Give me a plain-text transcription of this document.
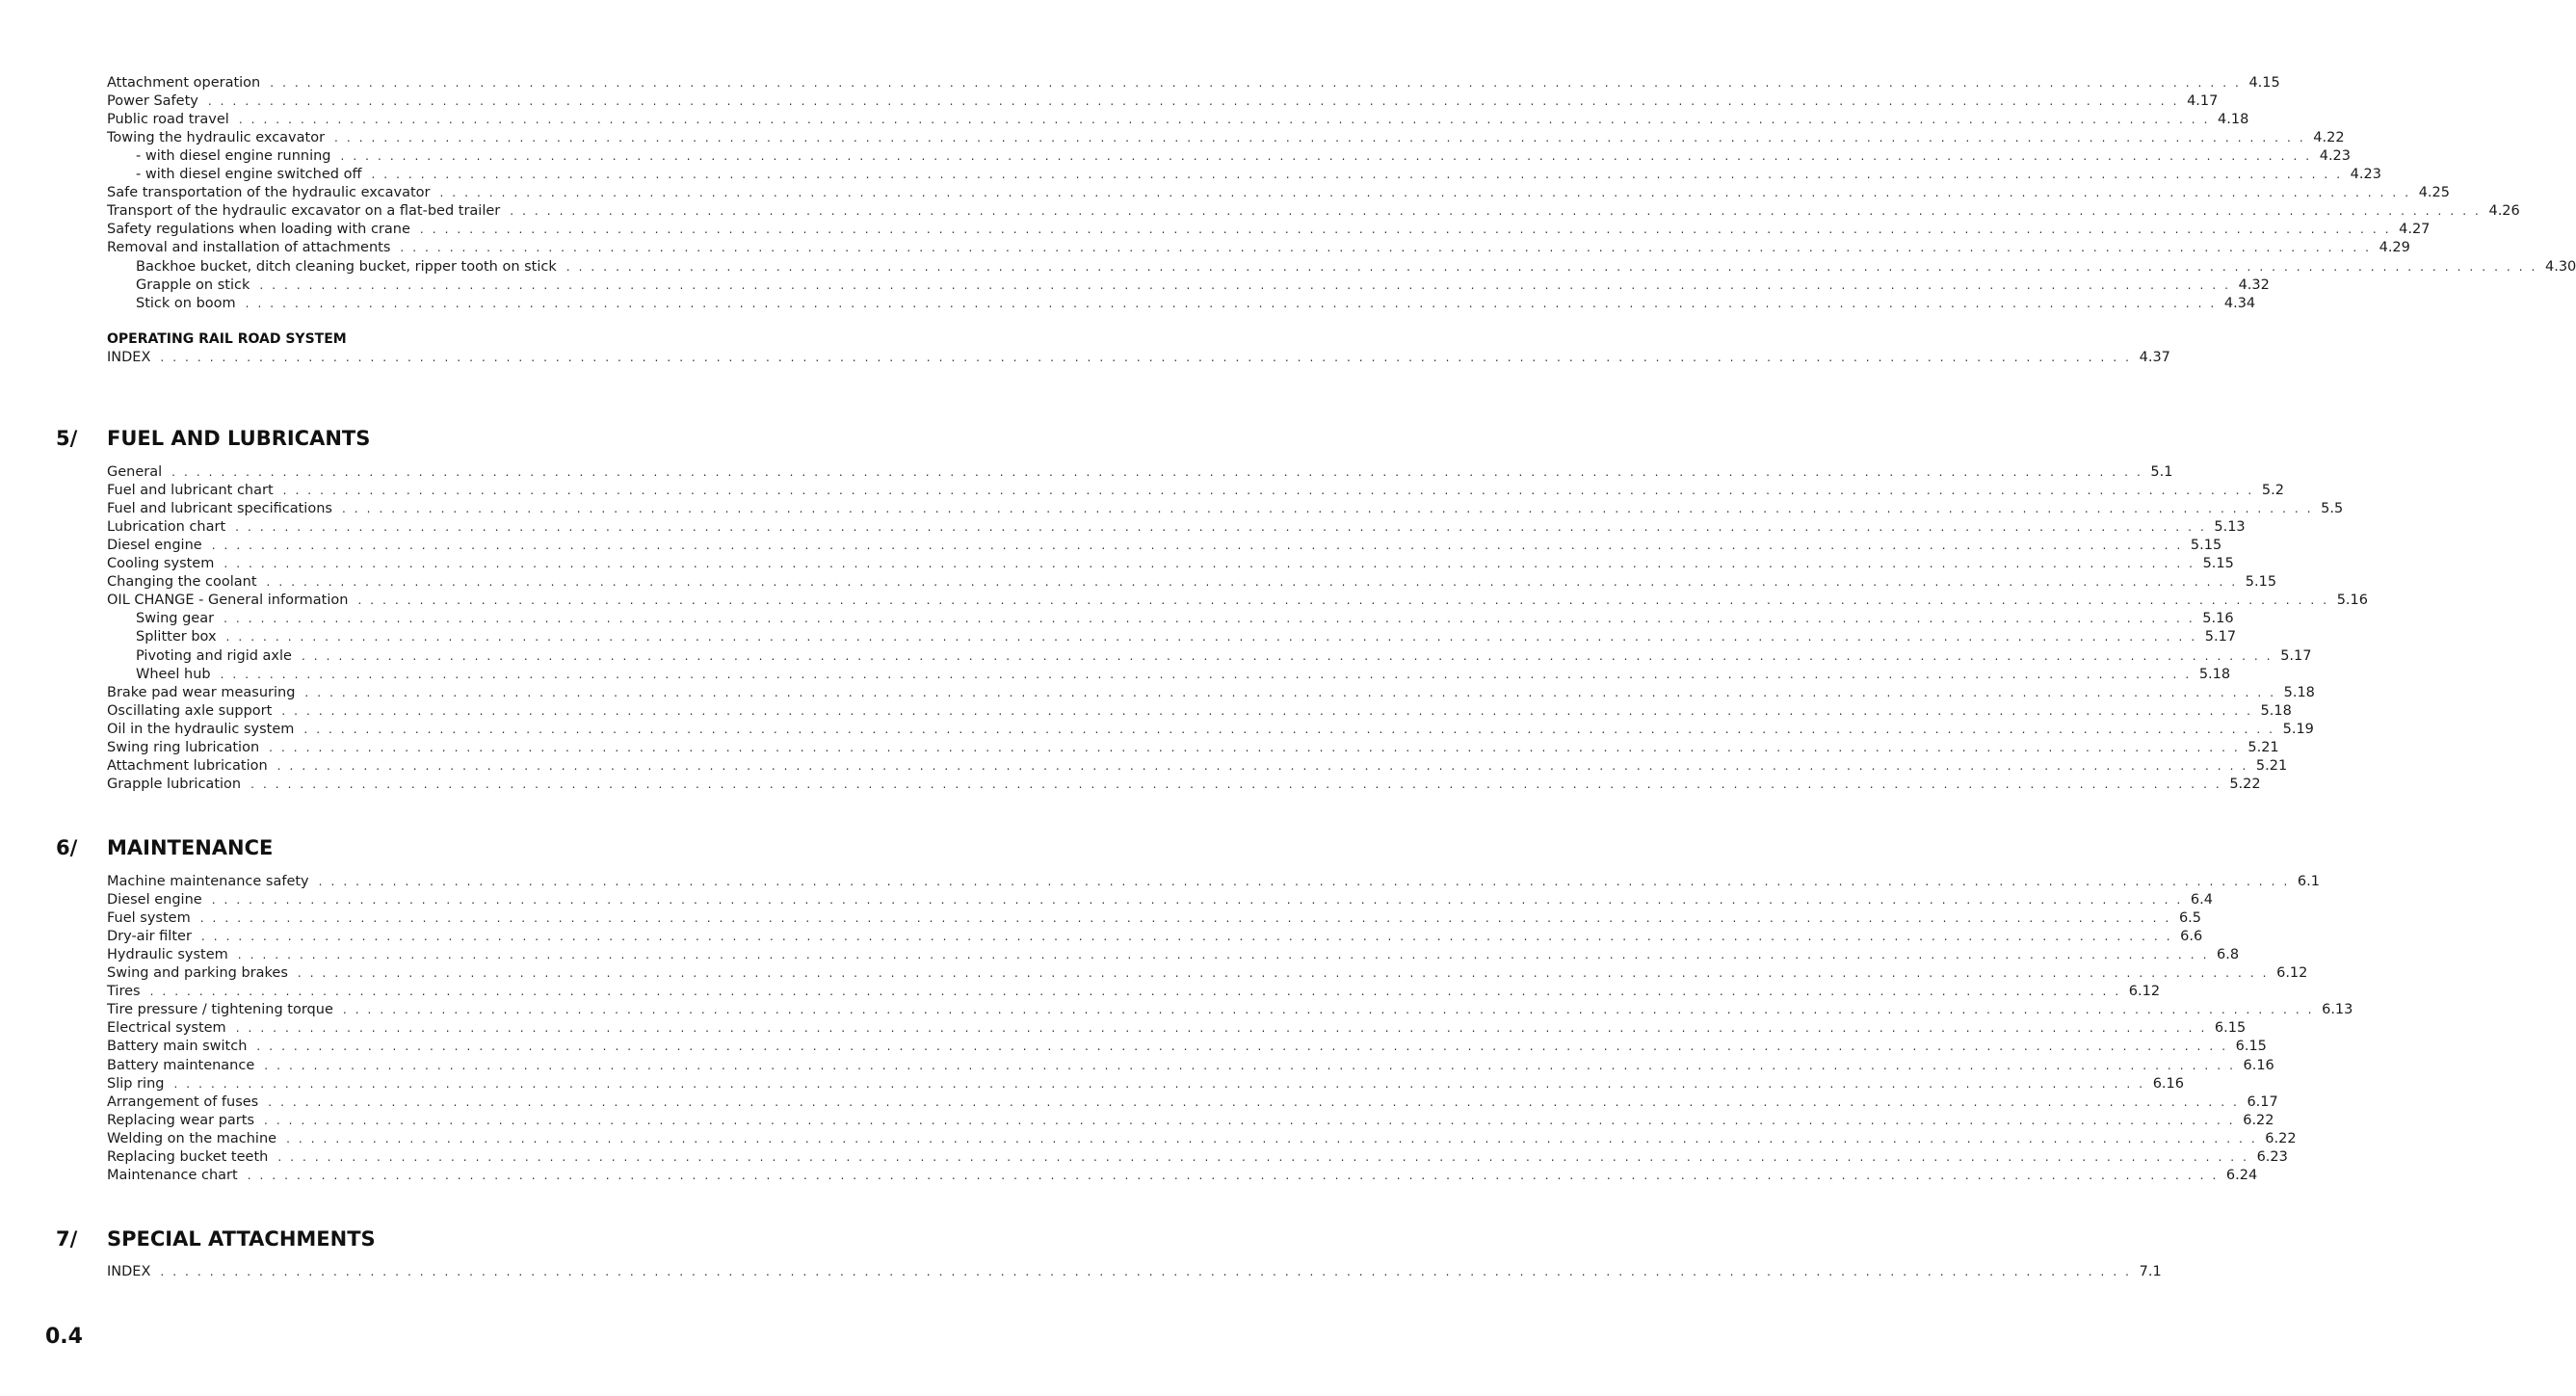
Attachment operation . . . . . . . . . . . . . . . . . . . . . . . . . . . . . . . . . . . . . . . . . . . . . . . . . . . . . . . . . . . . . . . . . . . . . . . . . . . . . . . . . . . . . . . . . . . . . . . . . . . . . . . . . . . . . . . . . . . . . . . . . . . . . . . . . . . . . . . . . . . . . . . . . . . . . . . . . . . . . . . . 4.15
Power Safety . . . . . . . . . . . . . . . . . . . . . . . . . . . . . . . . . . . . . . . . . . . . . . . . . . . . . . . . . . . . . . . . . . . . . . . . . . . . . . . . . . . . . . . . . . . . . . . . . . . . . . . . . . . . . . . . . . . . . . . . . . . . . . . . . . . . . . . . . . . . . . . . . . . . . . . . . . . . . . . . 4.17
Public road travel . . . . . . . . . . . . . . . . . . . . . . . . . . . . . . . . . . . . . . . . . . . . . . . . . . . . . . . . . . . . . . . . . . . . . . . . . . . . . . . . . . . . . . . . . . . . . . . . . . . . . . . . . . . . . . . . . . . . . . . . . . . . . . . . . . . . . . . . . . . . . . . . . . . . . . . . . . . . . . . . 4.18
Towing the hydraulic excavator . . . . . . . . . . . . . . . . . . . . . . . . . . . . . . . . . . . . . . . . . . . . . . . . . . . . . . . . . . . . . . . . . . . . . . . . . . . . . . . . . . . . . . . . . . . . . . . . . . . . . . . . . . . . . . . . . . . . . . . . . . . . . . . . . . . . . . . . . . . . . . . . . . . . . . . . . . . . . . . . 4.22
- with diesel engine running . . . . . . . . . . . . . . . . . . . . . . . . . . . . . . . . . . . . . . . . . . . . . . . . . . . . . . . . . . . . . . . . . . . . . . . . . . . . . . . . . . . . . . . . . . . . . . . . . . . . . . . . . . . . . . . . . . . . . . . . . . . . . . . . . . . . . . . . . . . . . . . . . . . . . . . . . . . . . . . . 4.23
- with diesel engine switched off . . . . . . . . . . . . . . . . . . . . . . . . . . . . . . . . . . . . . . . . . . . . . . . . . . . . . . . . . . . . . . . . . . . . . . . . . . . . . . . . . . . . . . . . . . . . . . . . . . . . . . . . . . . . . . . . . . . . . . . . . . . . . . . . . . . . . . . . . . . . . . . . . . . . . . . . . . . . . . . . 4.23
Safe transportation of the hydraulic excavator . . . . . . . . . . . . . . . . . . . . . . . . . . . . . . . . . . . . . . . . . . . . . . . . . . . . . . . . . . . . . . . . . . . . . . . . . . . . . . . . . . . . . . . . . . . . . . . . . . . . . . . . . . . . . . . . . . . . . . . . . . . . . . . . . . . . . . . . . . . . . . . . . . . . . . . . . . . . . . . . 4.25
Transport of the hydraulic excavator on a flat-bed trailer . . . . . . . . . . . . . . . . . . . . . . . . . . . . . . . . . . . . . . . . . . . . . . . . . . . . . . . . . . . . . . . . . . . . . . . . . . . . . . . . . . . . . . . . . . . . . . . . . . . . . . . . . . . . . . . . . . . . . . . . . . . . . . . . . . . . . . . . . . . . . . . . . . . . . . . . . . . . . . . . 4.26
Safety regulations when loading with crane . . . . . . . . . . . . . . . . . . . . . . . . . . . . . . . . . . . . . . . . . . . . . . . . . . . . . . . . . . . . . . . . . . . . . . . . . . . . . . . . . . . . . . . . . . . . . . . . . . . . . . . . . . . . . . . . . . . . . . . . . . . . . . . . . . . . . . . . . . . . . . . . . . . . . . . . . . . . . . . . 4.27
Removal and installation of attachments . . . . . . . . . . . . . . . . . . . . . . . . . . . . . . . . . . . . . . . . . . . . . . . . . . . . . . . . . . . . . . . . . . . . . . . . . . . . . . . . . . . . . . . . . . . . . . . . . . . . . . . . . . . . . . . . . . . . . . . . . . . . . . . . . . . . . . . . . . . . . . . . . . . . . . . . . . . . . . . . 4.29
Backhoe bucket, ditch cleaning bucket, ripper tooth on stick . . . . . . . . . . . . . . . . . . . . . . . . . . . . . . . . . . . . . . . . . . . . . . . . . . . . . . . . . . . . . . . . . . . . . . . . . . . . . . . . . . . . . . . . . . . . . . . . . . . . . . . . . . . . . . . . . . . . . . . . . . . . . . . . . . . . . . . . . . . . . . . . . . . . . . . . . . . . . . . . 4.30
Grapple on stick . . . . . . . . . . . . . . . . . . . . . . . . . . . . . . . . . . . . . . . . . . . . . . . . . . . . . . . . . . . . . . . . . . . . . . . . . . . . . . . . . . . . . . . . . . . . . . . . . . . . . . . . . . . . . . . . . . . . . . . . . . . . . . . . . . . . . . . . . . . . . . . . . . . . . . . . . . . . . . . . 4.32
Stick on boom . . . . . . . . . . . . . . . . . . . . . . . . . . . . . . . . . . . . . . . . . . . . . . . . . . . . . . . . . . . . . . . . . . . . . . . . . . . . . . . . . . . . . . . . . . . . . . . . . . . . . . . . . . . . . . . . . . . . . . . . . . . . . . . . . . . . . . . . . . . . . . . . . . . . . . . . . . . . . . . . 4.34
OPERATING RAIL ROAD SYSTEM
INDEX . . . . . . . . . . . . . . . . . . . . . . . . . . . . . . . . . . . . . . . . . . . . . . . . . . . . . . . . . . . . . . . . . . . . . . . . . . . . . . . . . . . . . . . . . . . . . . . . . . . . . . . . . . . . . . . . . . . . . . . . . . . . . . . . . . . . . . . . . . . . . . . . . . . . . . . . . . . . . . . . 4.37
5/ FUEL AND LUBRICANTS
General . . . . . . . . . . . . . . . . . . . . . . . . . . . . . . . . . . . . . . . . . . . . . . . . . . . . . . . . . . . . . . . . . . . . . . . . . . . . . . . . . . . . . . . . . . . . . . . . . . . . . . . . . . . . . . . . . . . . . . . . . . . . . . . . . . . . . . . . . . . . . . . . . . . . . . . . . . . . . . . . 5.1
Fuel and lubricant chart . . . . . . . . . . . . . . . . . . . . . . . . . . . . . . . . . . . . . . . . . . . . . . . . . . . . . . . . . . . . . . . . . . . . . . . . . . . . . . . . . . . . . . . . . . . . . . . . . . . . . . . . . . . . . . . . . . . . . . . . . . . . . . . . . . . . . . . . . . . . . . . . . . . . . . . . . . . . . . . . 5.2
Fuel and lubricant specifications . . . . . . . . . . . . . . . . . . . . . . . . . . . . . . . . . . . . . . . . . . . . . . . . . . . . . . . . . . . . . . . . . . . . . . . . . . . . . . . . . . . . . . . . . . . . . . . . . . . . . . . . . . . . . . . . . . . . . . . . . . . . . . . . . . . . . . . . . . . . . . . . . . . . . . . . . . . . . . . . 5.5
Lubrication chart . . . . . . . . . . . . . . . . . . . . . . . . . . . . . . . . . . . . . . . . . . . . . . . . . . . . . . . . . . . . . . . . . . . . . . . . . . . . . . . . . . . . . . . . . . . . . . . . . . . . . . . . . . . . . . . . . . . . . . . . . . . . . . . . . . . . . . . . . . . . . . . . . . . . . . . . . . . . . . . . 5.13
Diesel engine . . . . . . . . . . . . . . . . . . . . . . . . . . . . . . . . . . . . . . . . . . . . . . . . . . . . . . . . . . . . . . . . . . . . . . . . . . . . . . . . . . . . . . . . . . . . . . . . . . . . . . . . . . . . . . . . . . . . . . . . . . . . . . . . . . . . . . . . . . . . . . . . . . . . . . . . . . . . . . . . 5.15
Cooling system . . . . . . . . . . . . . . . . . . . . . . . . . . . . . . . . . . . . . . . . . . . . . . . . . . . . . . . . . . . . . . . . . . . . . . . . . . . . . . . . . . . . . . . . . . . . . . . . . . . . . . . . . . . . . . . . . . . . . . . . . . . . . . . . . . . . . . . . . . . . . . . . . . . . . . . . . . . . . . . . 5.15
Changing the coolant . . . . . . . . . . . . . . . . . . . . . . . . . . . . . . . . . . . . . . . . . . . . . . . . . . . . . . . . . . . . . . . . . . . . . . . . . . . . . . . . . . . . . . . . . . . . . . . . . . . . . . . . . . . . . . . . . . . . . . . . . . . . . . . . . . . . . . . . . . . . . . . . . . . . . . . . . . . . . . . . 5.15
OIL CHANGE - General information . . . . . . . . . . . . . . . . . . . . . . . . . . . . . . . . . . . . . . . . . . . . . . . . . . . . . . . . . . . . . . . . . . . . . . . . . . . . . . . . . . . . . . . . . . . . . . . . . . . . . . . . . . . . . . . . . . . . . . . . . . . . . . . . . . . . . . . . . . . . . . . . . . . . . . . . . . . . . . . . 5.16
Swing gear . . . . . . . . . . . . . . . . . . . . . . . . . . . . . . . . . . . . . . . . . . . . . . . . . . . . . . . . . . . . . . . . . . . . . . . . . . . . . . . . . . . . . . . . . . . . . . . . . . . . . . . . . . . . . . . . . . . . . . . . . . . . . . . . . . . . . . . . . . . . . . . . . . . . . . . . . . . . . . . . 5.16
Splitter box . . . . . . . . . . . . . . . . . . . . . . . . . . . . . . . . . . . . . . . . . . . . . . . . . . . . . . . . . . . . . . . . . . . . . . . . . . . . . . . . . . . . . . . . . . . . . . . . . . . . . . . . . . . . . . . . . . . . . . . . . . . . . . . . . . . . . . . . . . . . . . . . . . . . . . . . . . . . . . . . 5.17
Pivoting and rigid axle . . . . . . . . . . . . . . . . . . . . . . . . . . . . . . . . . . . . . . . . . . . . . . . . . . . . . . . . . . . . . . . . . . . . . . . . . . . . . . . . . . . . . . . . . . . . . . . . . . . . . . . . . . . . . . . . . . . . . . . . . . . . . . . . . . . . . . . . . . . . . . . . . . . . . . . . . . . . . . . . 5.17
Wheel hub . . . . . . . . . . . . . . . . . . . . . . . . . . . . . . . . . . . . . . . . . . . . . . . . . . . . . . . . . . . . . . . . . . . . . . . . . . . . . . . . . . . . . . . . . . . . . . . . . . . . . . . . . . . . . . . . . . . . . . . . . . . . . . . . . . . . . . . . . . . . . . . . . . . . . . . . . . . . . . . . 5.18
Brake pad wear measuring . . . . . . . . . . . . . . . . . . . . . . . . . . . . . . . . . . . . . . . . . . . . . . . . . . . . . . . . . . . . . . . . . . . . . . . . . . . . . . . . . . . . . . . . . . . . . . . . . . . . . . . . . . . . . . . . . . . . . . . . . . . . . . . . . . . . . . . . . . . . . . . . . . . . . . . . . . . . . . . . 5.18
Oscillating axle support . . . . . . . . . . . . . . . . . . . . . . . . . . . . . . . . . . . . . . . . . . . . . . . . . . . . . . . . . . . . . . . . . . . . . . . . . . . . . . . . . . . . . . . . . . . . . . . . . . . . . . . . . . . . . . . . . . . . . . . . . . . . . . . . . . . . . . . . . . . . . . . . . . . . . . . . . . . . . . . . 5.18
Oil in the hydraulic system . . . . . . . . . . . . . . . . . . . . . . . . . . . . . . . . . . . . . . . . . . . . . . . . . . . . . . . . . . . . . . . . . . . . . . . . . . . . . . . . . . . . . . . . . . . . . . . . . . . . . . . . . . . . . . . . . . . . . . . . . . . . . . . . . . . . . . . . . . . . . . . . . . . . . . . . . . . . . . . . 5.19
Swing ring lubrication . . . . . . . . . . . . . . . . . . . . . . . . . . . . . . . . . . . . . . . . . . . . . . . . . . . . . . . . . . . . . . . . . . . . . . . . . . . . . . . . . . . . . . . . . . . . . . . . . . . . . . . . . . . . . . . . . . . . . . . . . . . . . . . . . . . . . . . . . . . . . . . . . . . . . . . . . . . . . . . . 5.21
Attachment lubrication . . . . . . . . . . . . . . . . . . . . . . . . . . . . . . . . . . . . . . . . . . . . . . . . . . . . . . . . . . . . . . . . . . . . . . . . . . . . . . . . . . . . . . . . . . . . . . . . . . . . . . . . . . . . . . . . . . . . . . . . . . . . . . . . . . . . . . . . . . . . . . . . . . . . . . . . . . . . . . . . 5.21
Grapple lubrication . . . . . . . . . . . . . . . . . . . . . . . . . . . . . . . . . . . . . . . . . . . . . . . . . . . . . . . . . . . . . . . . . . . . . . . . . . . . . . . . . . . . . . . . . . . . . . . . . . . . . . . . . . . . . . . . . . . . . . . . . . . . . . . . . . . . . . . . . . . . . . . . . . . . . . . . . . . . . . . . 5.22
6/ MAINTENANCE
Machine maintenance safety . . . . . . . . . . . . . . . . . . . . . . . . . . . . . . . . . . . . . . . . . . . . . . . . . . . . . . . . . . . . . . . . . . . . . . . . . . . . . . . . . . . . . . . . . . . . . . . . . . . . . . . . . . . . . . . . . . . . . . . . . . . . . . . . . . . . . . . . . . . . . . . . . . . . . . . . . . . . . . . . 6.1
Diesel engine . . . . . . . . . . . . . . . . . . . . . . . . . . . . . . . . . . . . . . . . . . . . . . . . . . . . . . . . . . . . . . . . . . . . . . . . . . . . . . . . . . . . . . . . . . . . . . . . . . . . . . . . . . . . . . . . . . . . . . . . . . . . . . . . . . . . . . . . . . . . . . . . . . . . . . . . . . . . . . . . 6.4
Fuel system . . . . . . . . . . . . . . . . . . . . . . . . . . . . . . . . . . . . . . . . . . . . . . . . . . . . . . . . . . . . . . . . . . . . . . . . . . . . . . . . . . . . . . . . . . . . . . . . . . . . . . . . . . . . . . . . . . . . . . . . . . . . . . . . . . . . . . . . . . . . . . . . . . . . . . . . . . . . . . . . 6.5
Dry-air filter . . . . . . . . . . . . . . . . . . . . . . . . . . . . . . . . . . . . . . . . . . . . . . . . . . . . . . . . . . . . . . . . . . . . . . . . . . . . . . . . . . . . . . . . . . . . . . . . . . . . . . . . . . . . . . . . . . . . . . . . . . . . . . . . . . . . . . . . . . . . . . . . . . . . . . . . . . . . . . . . 6.6
Hydraulic system . . . . . . . . . . . . . . . . . . . . . . . . . . . . . . . . . . . . . . . . . . . . . . . . . . . . . . . . . . . . . . . . . . . . . . . . . . . . . . . . . . . . . . . . . . . . . . . . . . . . . . . . . . . . . . . . . . . . . . . . . . . . . . . . . . . . . . . . . . . . . . . . . . . . . . . . . . . . . . . . 6.8
Swing and parking brakes . . . . . . . . . . . . . . . . . . . . . . . . . . . . . . . . . . . . . . . . . . . . . . . . . . . . . . . . . . . . . . . . . . . . . . . . . . . . . . . . . . . . . . . . . . . . . . . . . . . . . . . . . . . . . . . . . . . . . . . . . . . . . . . . . . . . . . . . . . . . . . . . . . . . . . . . . . . . . . . . 6.12
Tires . . . . . . . . . . . . . . . . . . . . . . . . . . . . . . . . . . . . . . . . . . . . . . . . . . . . . . . . . . . . . . . . . . . . . . . . . . . . . . . . . . . . . . . . . . . . . . . . . . . . . . . . . . . . . . . . . . . . . . . . . . . . . . . . . . . . . . . . . . . . . . . . . . . . . . . . . . . . . . . . 6.12
Tire pressure / tightening torque . . . . . . . . . . . . . . . . . . . . . . . . . . . . . . . . . . . . . . . . . . . . . . . . . . . . . . . . . . . . . . . . . . . . . . . . . . . . . . . . . . . . . . . . . . . . . . . . . . . . . . . . . . . . . . . . . . . . . . . . . . . . . . . . . . . . . . . . . . . . . . . . . . . . . . . . . . . . . . . . 6.13
Electrical system . . . . . . . . . . . . . . . . . . . . . . . . . . . . . . . . . . . . . . . . . . . . . . . . . . . . . . . . . . . . . . . . . . . . . . . . . . . . . . . . . . . . . . . . . . . . . . . . . . . . . . . . . . . . . . . . . . . . . . . . . . . . . . . . . . . . . . . . . . . . . . . . . . . . . . . . . . . . . . . . 6.15
Battery main switch . . . . . . . . . . . . . . . . . . . . . . . . . . . . . . . . . . . . . . . . . . . . . . . . . . . . . . . . . . . . . . . . . . . . . . . . . . . . . . . . . . . . . . . . . . . . . . . . . . . . . . . . . . . . . . . . . . . . . . . . . . . . . . . . . . . . . . . . . . . . . . . . . . . . . . . . . . . . . . . . 6.15
Battery maintenance . . . . . . . . . . . . . . . . . . . . . . . . . . . . . . . . . . . . . . . . . . . . . . . . . . . . . . . . . . . . . . . . . . . . . . . . . . . . . . . . . . . . . . . . . . . . . . . . . . . . . . . . . . . . . . . . . . . . . . . . . . . . . . . . . . . . . . . . . . . . . . . . . . . . . . . . . . . . . . . . 6.16
Slip ring . . . . . . . . . . . . . . . . . . . . . . . . . . . . . . . . . . . . . . . . . . . . . . . . . . . . . . . . . . . . . . . . . . . . . . . . . . . . . . . . . . . . . . . . . . . . . . . . . . . . . . . . . . . . . . . . . . . . . . . . . . . . . . . . . . . . . . . . . . . . . . . . . . . . . . . . . . . . . . . . 6.16
Arrangement of fuses . . . . . . . . . . . . . . . . . . . . . . . . . . . . . . . . . . . . . . . . . . . . . . . . . . . . . . . . . . . . . . . . . . . . . . . . . . . . . . . . . . . . . . . . . . . . . . . . . . . . . . . . . . . . . . . . . . . . . . . . . . . . . . . . . . . . . . . . . . . . . . . . . . . . . . . . . . . . . . . . 6.17
Replacing wear parts . . . . . . . . . . . . . . . . . . . . . . . . . . . . . . . . . . . . . . . . . . . . . . . . . . . . . . . . . . . . . . . . . . . . . . . . . . . . . . . . . . . . . . . . . . . . . . . . . . . . . . . . . . . . . . . . . . . . . . . . . . . . . . . . . . . . . . . . . . . . . . . . . . . . . . . . . . . . . . . . 6.22
Welding on the machine . . . . . . . . . . . . . . . . . . . . . . . . . . . . . . . . . . . . . . . . . . . . . . . . . . . . . . . . . . . . . . . . . . . . . . . . . . . . . . . . . . . . . . . . . . . . . . . . . . . . . . . . . . . . . . . . . . . . . . . . . . . . . . . . . . . . . . . . . . . . . . . . . . . . . . . . . . . . . . . . 6.22
Replacing bucket teeth . . . . . . . . . . . . . . . . . . . . . . . . . . . . . . . . . . . . . . . . . . . . . . . . . . . . . . . . . . . . . . . . . . . . . . . . . . . . . . . . . . . . . . . . . . . . . . . . . . . . . . . . . . . . . . . . . . . . . . . . . . . . . . . . . . . . . . . . . . . . . . . . . . . . . . . . . . . . . . . . 6.23
Maintenance chart . . . . . . . . . . . . . . . . . . . . . . . . . . . . . . . . . . . . . . . . . . . . . . . . . . . . . . . . . . . . . . . . . . . . . . . . . . . . . . . . . . . . . . . . . . . . . . . . . . . . . . . . . . . . . . . . . . . . . . . . . . . . . . . . . . . . . . . . . . . . . . . . . . . . . . . . . . . . . . . . 6.24
7/ SPECIAL ATTACHMENTS
INDEX . . . . . . . . . . . . . . . . . . . . . . . . . . . . . . . . . . . . . . . . . . . . . . . . . . . . . . . . . . . . . . . . . . . . . . . . . . . . . . . . . . . . . . . . . . . . . . . . . . . . . . . . . . . . . . . . . . . . . . . . . . . . . . . . . . . . . . . . . . . . . . . . . . . . . . . . . . . . . . . . 7.1
0.4
